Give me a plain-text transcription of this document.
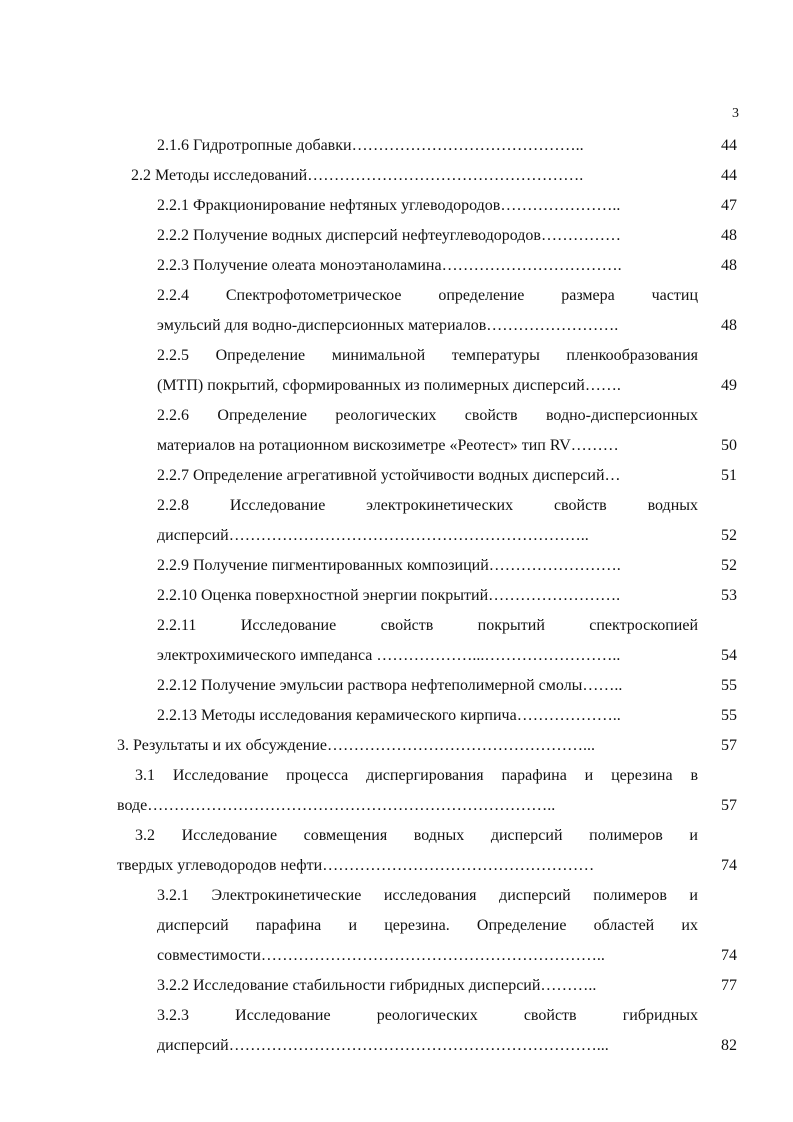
3
2.1.6 Гидротропные добавки……………………………………..	44
2.2 Методы исследований…………………………………………….	44
2.2.1 Фракционирование нефтяных углеводородов…………………..	47
2.2.2 Получение водных дисперсий нефтеуглеводородов……………	48
2.2.3 Получение олеата моноэтаноламина…………………………….	48
2.2.4 Спектрофотометрическое определение размера частиц
эмульсий для водно-дисперсионных материалов…………………….	48
2.2.5 Определение минимальной температуры пленкообразования
(МТП) покрытий, сформированных из полимерных дисперсий…….	49
2.2.6 Определение реологических свойств водно-дисперсионных
материалов на ротационном вискозиметре «Реотест» тип RV………	50
2.2.7 Определение агрегативной устойчивости водных дисперсий…	51
2.2.8 Исследование электрокинетических свойств водных
дисперсий…………………………………………………………..	52
2.2.9 Получение пигментированных композиций…………………….	52
2.2.10 Оценка поверхностной энергии покрытий…………………….	53
2.2.11 Исследование свойств покрытий спектроскопией
электрохимического импеданса ………………...……………………..	54
2.2.12 Получение эмульсии раствора нефтеполимерной смолы……..	55
2.2.13 Методы исследования керамического кирпича………………..	55
3. Результаты и их обсуждение…………………………………………...	57
3.1 Исследование процесса диспергирования парафина и церезина в
воде…………………………………………………………………..	57
3.2 Исследование совмещения водных дисперсий полимеров и
твердых углеводородов нефти……………………………………………	74
3.2.1 Электрокинетические исследования дисперсий полимеров и
дисперсий парафина и церезина. Определение областей их
совместимости………………………………………………………..	74
3.2.2 Исследование стабильности гибридных дисперсий………..	77
3.2.3 Исследование реологических свойств гибридных
дисперсий……………………………………………………………...	82
